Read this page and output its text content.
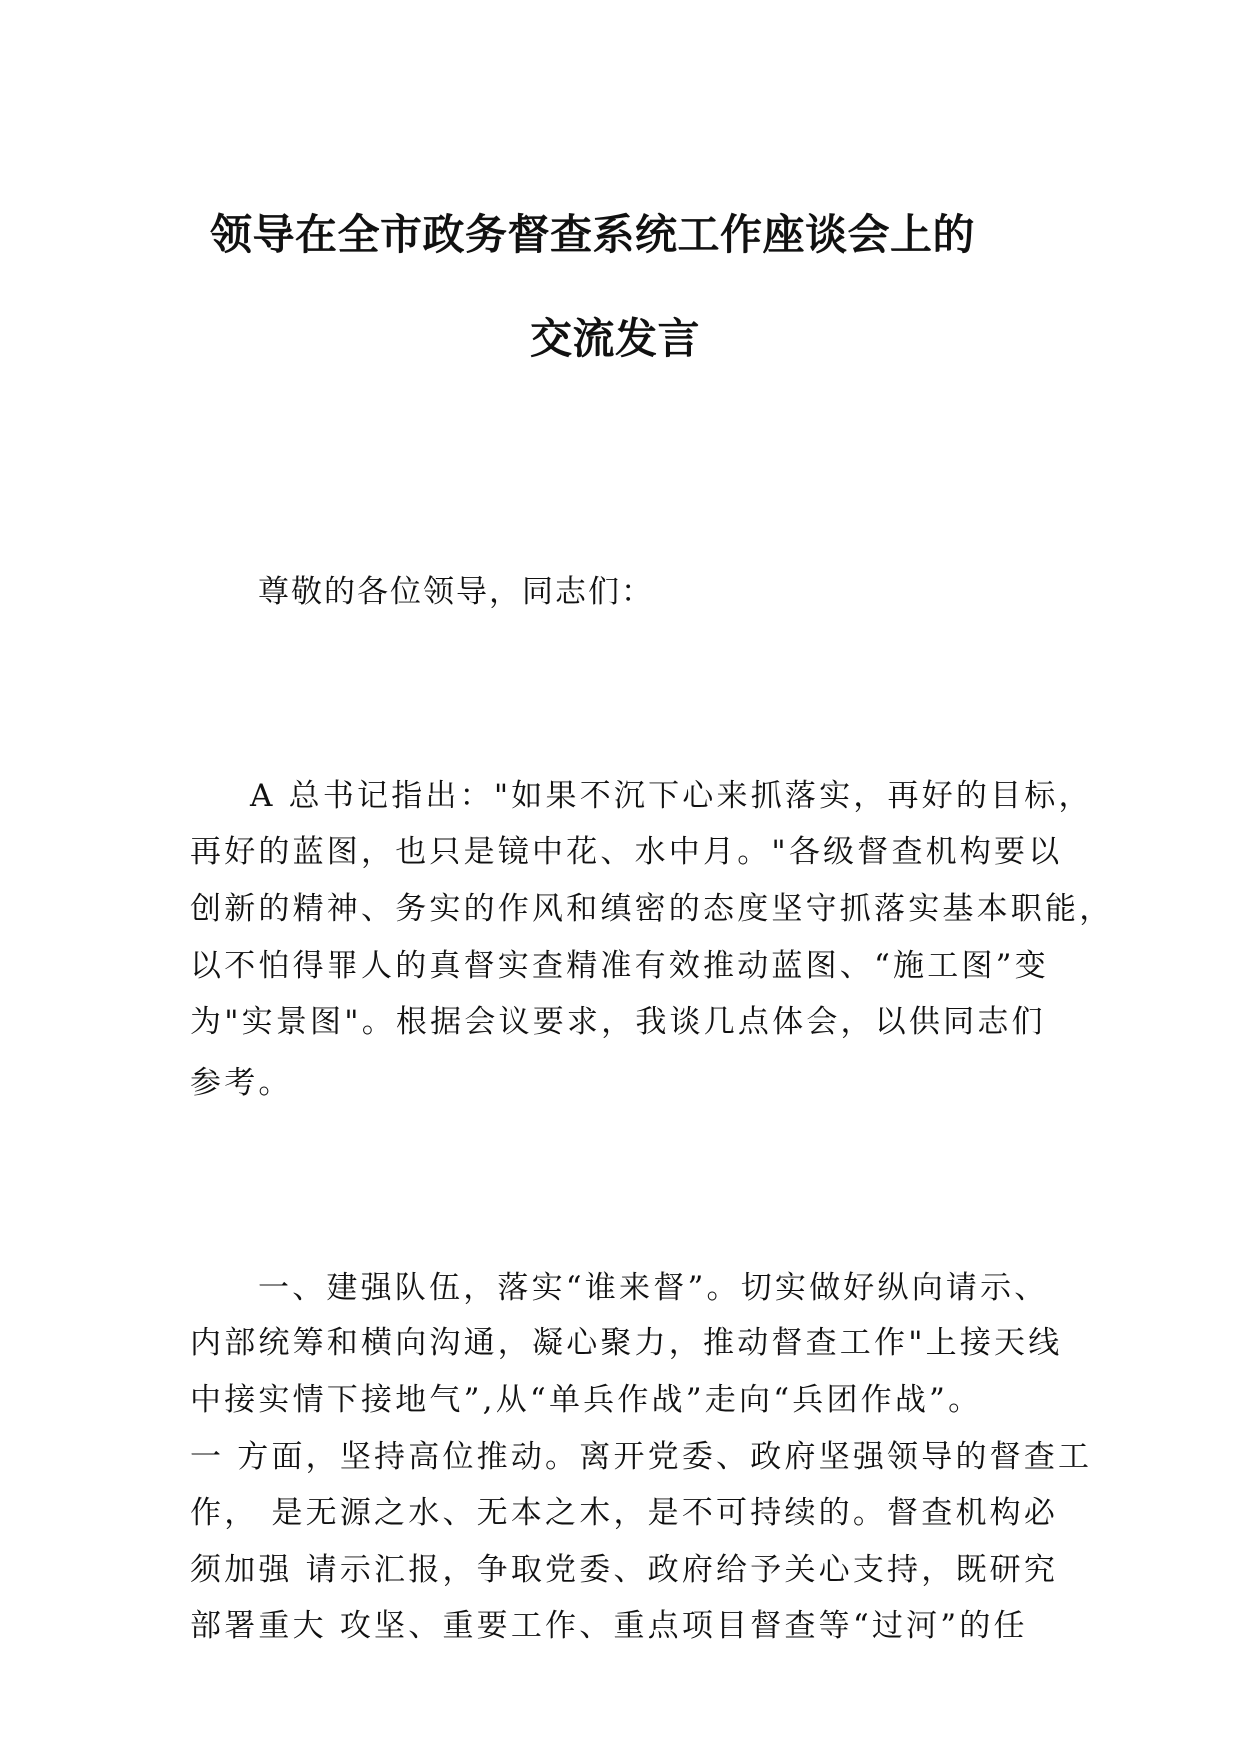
领导在全市政务督查系统工作座谈会上的
交流发言
尊敬的各位领导，同志们：
A 总书记指出："如果不沉下心来抓落实，再好的目标，
再好的蓝图，也只是镜中花、水中月。"各级督查机构要以
创新的精神、务实的作风和缜密的态度坚守抓落实基本职能，
以不怕得罪人的真督实查精准有效推动蓝图、“施工图”变
为"实景图"。根据会议要求，我谈几点体会，以供同志们
参考。
一、建强队伍，落实“谁来督”。切实做好纵向请示、
内部统筹和横向沟通，凝心聚力，推动督查工作"上接天线
中接实情下接地气”,从“单兵作战”走向“兵团作战”。
一 方面，坚持高位推动。离开党委、政府坚强领导的督查工
作， 是无源之水、无本之木，是不可持续的。督查机构必
须加强 请示汇报，争取党委、政府给予关心支持，既研究
部署重大 攻坚、重要工作、重点项目督查等“过河”的任
